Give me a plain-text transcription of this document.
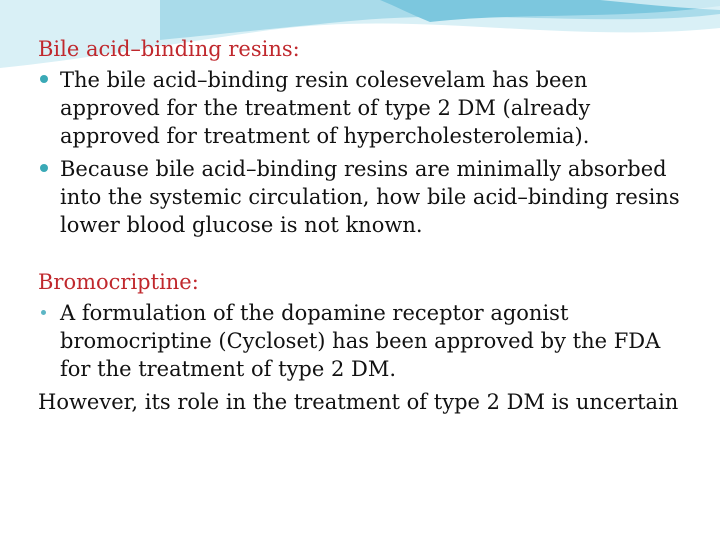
Bile acid–binding resins:
The bile acid–binding resin colesevelam has been approved for the treatment of type 2 DM (already approved for treatment of hypercholesterolemia).
Because bile acid–binding resins are minimally absorbed into the systemic circulation, how bile acid–binding resins lower blood glucose is not known.
Bromocriptine:
A formulation of the dopamine receptor agonist bromocriptine (Cycloset) has been approved by the FDA for the treatment of type 2 DM.
However, its role in the treatment of type 2 DM is uncertain
